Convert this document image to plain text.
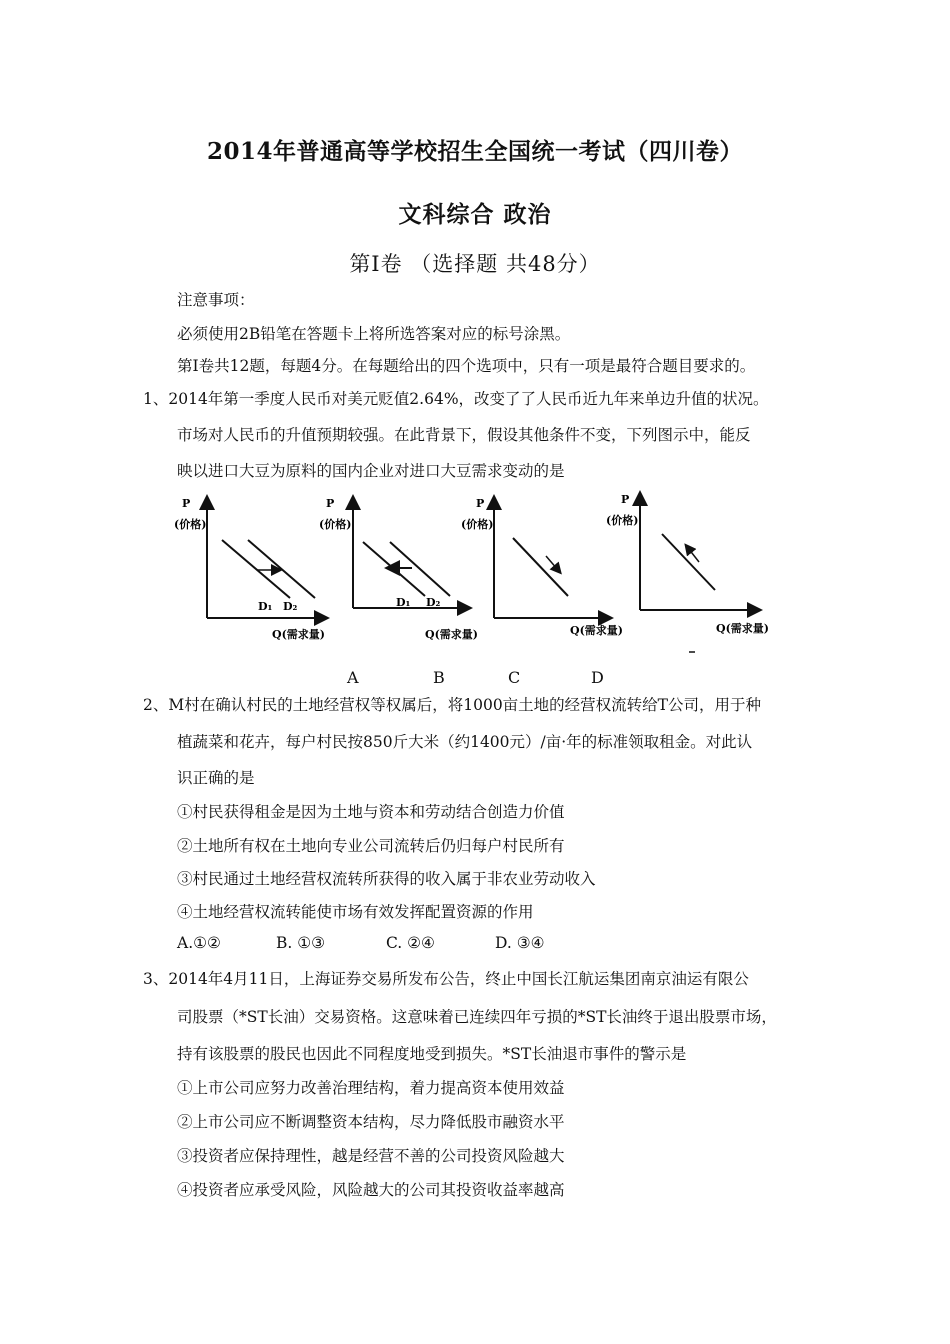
2014年普通高等学校招生全国统一考试（四川卷）
文科综合 政治
第Ⅰ卷 （选择题 共48分）
注意事项：
必须使用2B铅笔在答题卡上将所选答案对应的标号涂黑。
第Ⅰ卷共12题，每题4分。在每题给出的四个选项中，只有一项是最符合题目要求的。
1、2014年第一季度人民币对美元贬值2.64%，改变了了人民币近九年来单边升值的状况。
市场对人民币的升值预期较强。在此背景下，假设其他条件不变，下列图示中，能反
映以进口大豆为原料的国内企业对进口大豆需求变动的是
P
(价格)
D₁ D₂
Q(需求量)
P
(价格)
D₁ D₂
Q(需求量)
P
(价格)
Q(需求量)
P
(价格)
Q(需求量)
A	B	C	D
2、M村在确认村民的土地经营权等权属后，将1000亩土地的经营权流转给T公司，用于种
植蔬菜和花卉，每户村民按850斤大米（约1400元）/亩·年的标准领取租金。对此认
识正确的是
①村民获得租金是因为土地与资本和劳动结合创造力价值
②土地所有权在土地向专业公司流转后仍归每户村民所有
③村民通过土地经营权流转所获得的收入属于非农业劳动收入
④土地经营权流转能使市场有效发挥配置资源的作用
A.①②	B. ①③	C. ②④	D. ③④
3、2014年4月11日，上海证券交易所发布公告，终止中国长江航运集团南京油运有限公
司股票（*ST长油）交易资格。这意味着已连续四年亏损的*ST长油终于退出股票市场，
持有该股票的股民也因此不同程度地受到损失。*ST长油退市事件的警示是
①上市公司应努力改善治理结构，着力提高资本使用效益
②上市公司应不断调整资本结构，尽力降低股市融资水平
③投资者应保持理性，越是经营不善的公司投资风险越大
④投资者应承受风险，风险越大的公司其投资收益率越高
